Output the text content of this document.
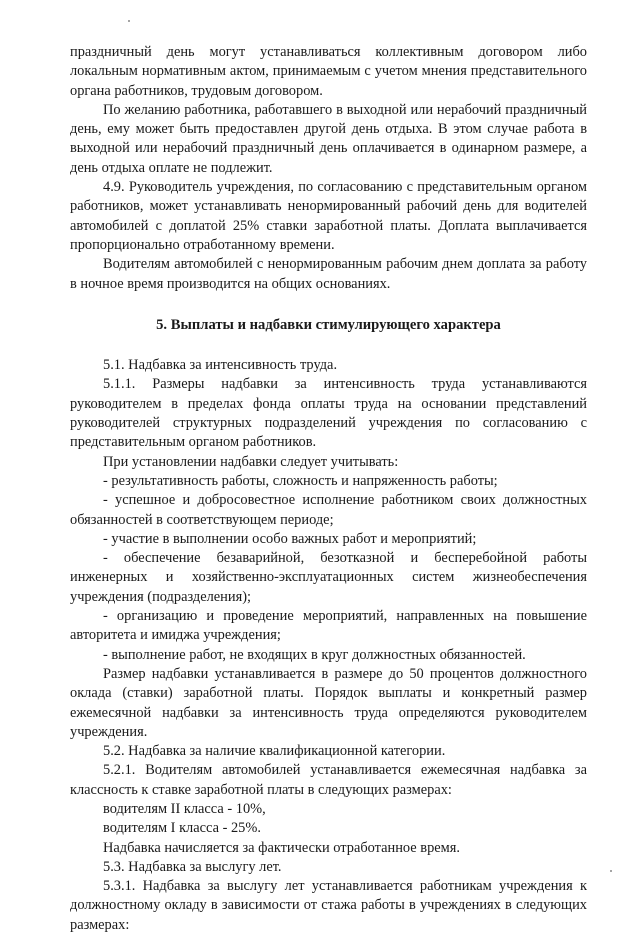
праздничный день могут устанавливаться коллективным договором либо локальным нормативным актом, принимаемым с учетом мнения представительного органа работников, трудовым договором.

По желанию работника, работавшего в выходной или нерабочий праздничный день, ему может быть предоставлен другой день отдыха. В этом случае работа в выходной или нерабочий праздничный день оплачивается в одинарном размере, а день отдыха оплате не подлежит.

4.9. Руководитель учреждения, по согласованию с представительным органом работников, может устанавливать ненормированный рабочий день для водителей автомобилей с доплатой 25% ставки заработной платы. Доплата выплачивается пропорционально отработанному времени.

Водителям автомобилей с ненормированным рабочим днем доплата за работу в ночное время производится на общих основаниях.

5. Выплаты и надбавки стимулирующего характера

5.1. Надбавка за интенсивность труда.

5.1.1. Размеры надбавки за интенсивность труда устанавливаются руководителем в пределах фонда оплаты труда на основании представлений руководителей структурных подразделений учреждения по согласованию с представительным органом работников.

При установлении надбавки следует учитывать:

- результативность работы, сложность и напряженность работы;

- успешное и добросовестное исполнение работником своих должностных обязанностей в соответствующем периоде;

- участие в выполнении особо важных работ и мероприятий;

- обеспечение безаварийной, безотказной и бесперебойной работы инженерных и хозяйственно-эксплуатационных систем жизнеобеспечения учреждения (подразделения);

- организацию и проведение мероприятий, направленных на повышение авторитета и имиджа учреждения;

- выполнение работ, не входящих в круг должностных обязанностей.

Размер надбавки устанавливается в размере до 50 процентов должностного оклада (ставки) заработной платы. Порядок выплаты и конкретный размер ежемесячной надбавки за интенсивность труда определяются руководителем учреждения.

5.2. Надбавка за наличие квалификационной категории.

5.2.1. Водителям автомобилей устанавливается ежемесячная надбавка за классность к ставке заработной платы в следующих размерах:

водителям II класса - 10%,

водителям I класса - 25%.

Надбавка начисляется за фактически отработанное время.

5.3. Надбавка за выслугу лет.

5.3.1. Надбавка за выслугу лет устанавливается работникам учреждения к должностному окладу в зависимости от стажа работы в учреждениях в следующих размерах:
